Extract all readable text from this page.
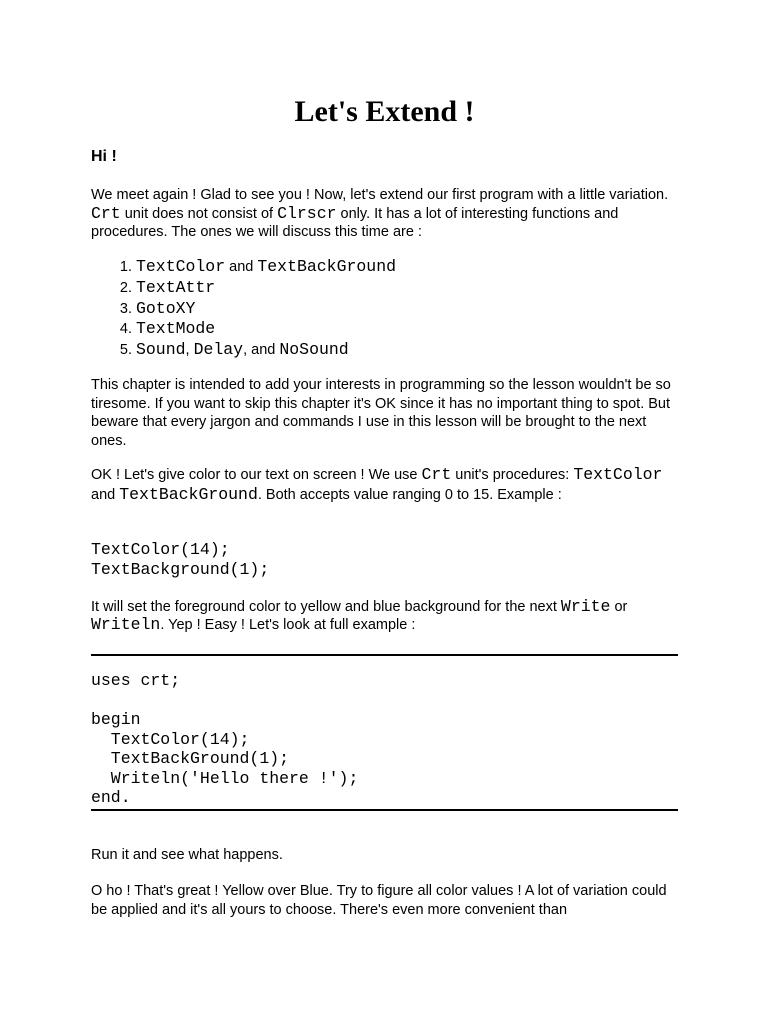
Let's Extend !
Hi !

We meet again ! Glad to see you ! Now, let's extend our first program with a little variation. Crt unit does not consist of Clrscr only. It has a lot of interesting functions and procedures. The ones we will discuss this time are :

1. TextColor and TextBackGround
2. TextAttr
3. GotoXY
4. TextMode
5. Sound, Delay, and NoSound

This chapter is intended to add your interests in programming so the lesson wouldn't be so tiresome. If you want to skip this chapter it's OK since it has no important thing to spot. But beware that every jargon and commands I use in this lesson will be brought to the next ones.

OK ! Let's give color to our text on screen ! We use Crt unit's procedures: TextColor and TextBackGround. Both accepts value ranging 0 to 15. Example :

TextColor(14);
TextBackground(1);

It will set the foreground color to yellow and blue background for the next Write or Writeln. Yep ! Easy ! Let's look at full example :

uses crt;

begin
TextColor(14);
TextBackGround(1);
Writeln('Hello there !');
end.

Run it and see what happens.

O ho ! That's great ! Yellow over Blue. Try to figure all color values ! A lot of variation could be applied and it's all yours to choose. There's even more convenient than
